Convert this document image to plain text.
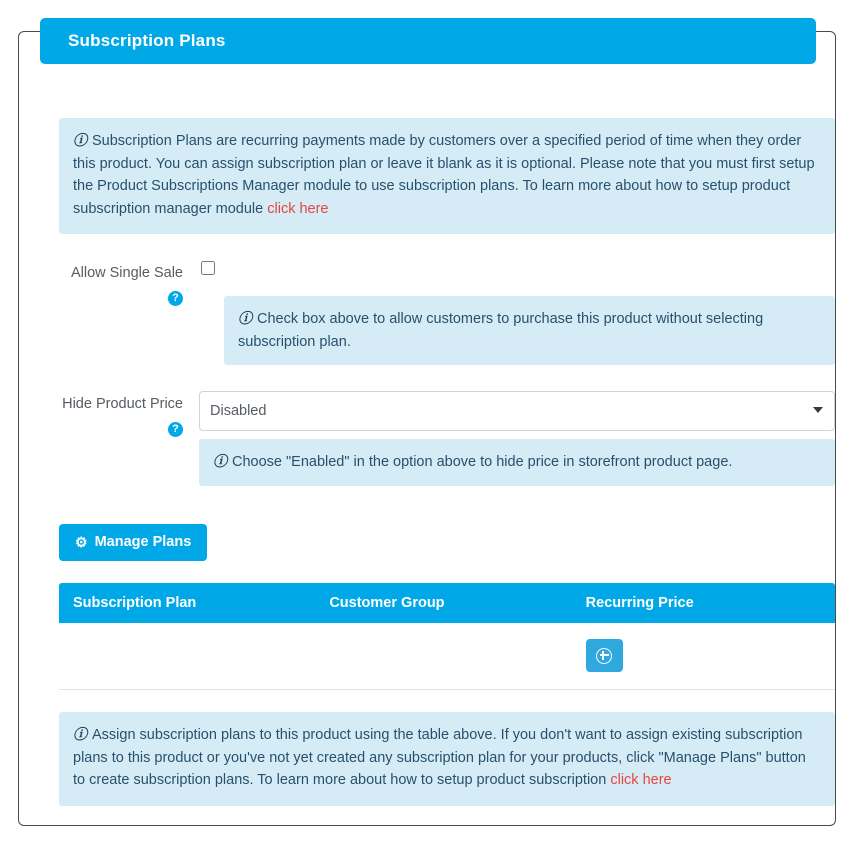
ⓘ Subscription Plans are recurring payments made by customers over a specified period of time when they order this product. You can assign subscription plan or leave it blank as it is optional. Please note that you must first setup the Product Subscriptions Manager module to use subscription plans. To learn more about how to setup product subscription manager module click here
Allow Single Sale?
ⓘ Check box above to allow customers to purchase this product without selecting subscription plan.
Hide Product Price?
Disabled
ⓘ Choose "Enabled" in the option above to hide price in storefront product page.
⚙ Manage Plans
Subscription Plan	Customer Group	Recurring Price

ⓘ Assign subscription plans to this product using the table above. If you don't want to assign existing subscription plans to this product or you've not yet created any subscription plan for your products, click "Manage Plans" button to create subscription plans. To learn more about how to setup product subscription click here
Subscription Plans
